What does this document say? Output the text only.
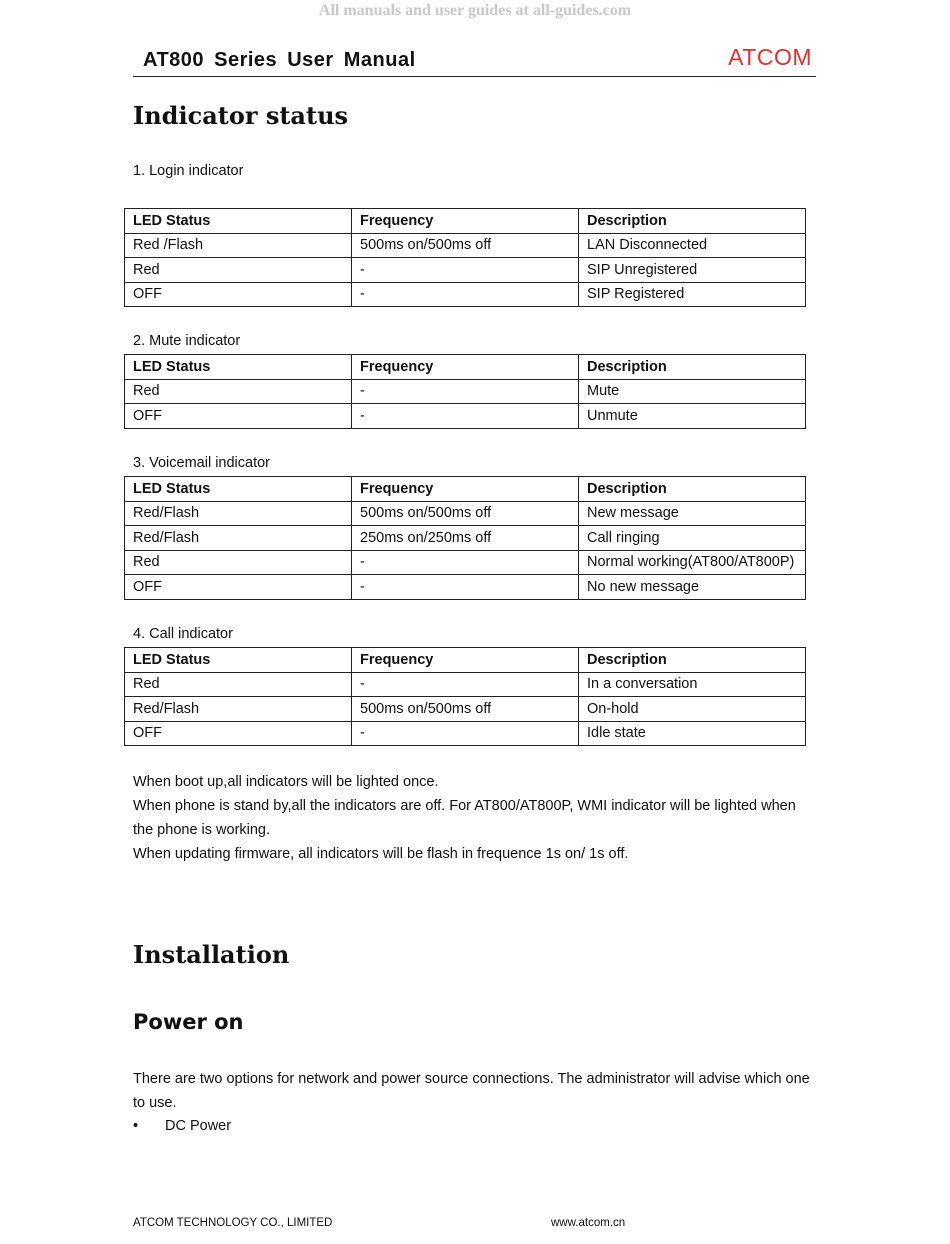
All manuals and user guides at all-guides.com
AT800 Series User Manual	ATCOM
Indicator status
1. Login indicator
LED Status	Frequency	Description
Red /Flash	500ms on/500ms off	LAN Disconnected
Red	-	SIP Unregistered
OFF	-	SIP Registered
2. Mute indicator
LED Status	Frequency	Description
Red	-	Mute
OFF	-	Unmute
3. Voicemail indicator
LED Status	Frequency	Description
Red/Flash	500ms on/500ms off	New message
Red/Flash	250ms on/250ms off	Call ringing
Red	-	Normal working(AT800/AT800P)
OFF	-	No new message
4. Call indicator
LED Status	Frequency	Description
Red	-	In a conversation
Red/Flash	500ms on/500ms off	On-hold
OFF	-	Idle state

When boot up,all indicators will be lighted once.

When phone is stand by,all the indicators are off. For AT800/AT800P, WMI indicator will be lighted when the phone is working.

When updating firmware, all indicators will be flash in frequence 1s on/ 1s off.

Installation
Power on

There are two options for network and power source connections. The administrator will advise which one to use.

• DC Power
ATCOM TECHNOLOGY CO., LIMITED	www.atcom.cn
